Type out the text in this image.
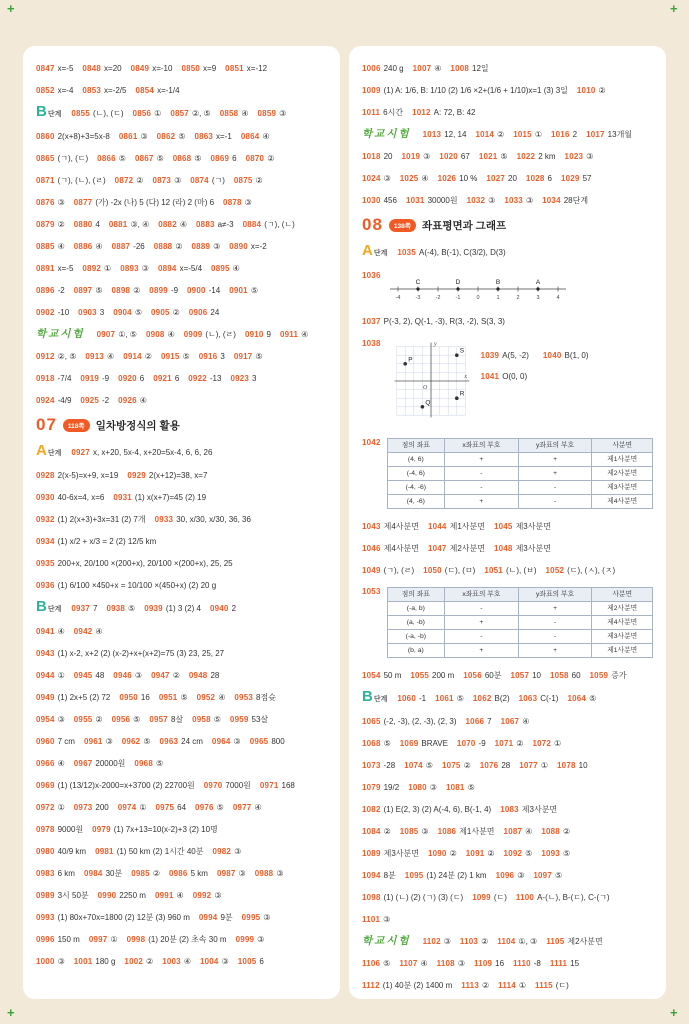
+	+
+	+
0847 x=-5 0848 x=20 0849 x=-10 0850 x=9 0851 x=-12
0852 x=-4 0853 x=-2/5 0854 x=-1/4
B 단계 0855 (ㄴ), (ㄷ) 0856 ① 0857 ②, ⑤ 0858 ④ 0859 ③
0860 2(x+8)+3=5x-8 0861 ③ 0862 ⑤ 0863 x=-1 0864 ④
0865 (ㄱ), (ㄷ) 0866 ⑤ 0867 ⑤ 0868 ⑤ 0869 6 0870 ②
0871 (ㄱ), (ㄴ), (ㄹ) 0872 ② 0873 ③ 0874 (ㄱ) 0875 ②
0876 ③ 0877 (가) -2x (나) 5 (다) 12 (라) 2 (마) 6 0878 ③
0879 ② 0880 4 0881 ③, ④ 0882 ④ 0883 a≠-3 0884 (ㄱ), (ㄴ)
0885 ④ 0886 ④ 0887 -26 0888 ② 0889 ③ 0890 x=-2
0891 x=-5 0892 ① 0893 ③ 0894 x=-5/4 0895 ④
0896 -2 0897 ⑤ 0898 ② 0899 -9 0900 -14 0901 ⑤
0902 -10 0903 3 0904 ⑤ 0905 ② 0906 24
학교시험 0907 ①, ⑤ 0908 ④ 0909 (ㄴ), (ㄹ) 0910 9 0911 ④
0912 ②, ⑤ 0913 ④ 0914 ② 0915 ⑤ 0916 3 0917 ⑤
0918 -7/4 0919 -9 0920 6 0921 6 0922 -13 0923 3
0924 -4/9 0925 -2 0926 ④
07	118쪽	일차방정식의 활용
A 단계 0927 x, x+20, 5x-4, x+20=5x-4, 6, 6, 26
0928 2(x-5)=x+9, x=19 0929 2(x+12)=38, x=7
0930 40-6x=4, x=6 0931 (1) x(x+7)=45 (2) 19
0932 (1) 2(x+3)+3x=31 (2) 7개 0933 30, x/30, x/30, 36, 36
0934 (1) x/2 + x/3 = 2 (2) 12/5 km
0935 200+x, 20/100 ×(200+x), 20/100 ×(200+x), 25, 25
0936 (1) 6/100 ×450+x = 10/100 ×(450+x) (2) 20 g
B 단계 0937 7 0938 ⑤ 0939 (1) 3 (2) 4 0940 2
0941 ④ 0942 ④
0943 (1) x-2, x+2 (2) (x-2)+x+(x+2)=75 (3) 23, 25, 27
0944 ① 0945 48 0946 ③ 0947 ② 0948 28
0949 (1) 2x+5 (2) 72 0950 16 0951 ⑤ 0952 ④ 0953 8점슛
0954 ③ 0955 ② 0956 ⑤ 0957 8살 0958 ⑤ 0959 53살
0960 7 cm 0961 ③ 0962 ⑤ 0963 24 cm 0964 ③ 0965 800
0966 ④ 0967 20000원 0968 ⑤
0969 (1) (13/12)x-2000=x+3700 (2) 22700원 0970 7000원 0971 168
0972 ① 0973 200 0974 ① 0975 64 0976 ⑤ 0977 ④
0978 9000원 0979 (1) 7x+13=10(x-2)+3 (2) 10명
0980 40/9 km 0981 (1) 50 km (2) 1시간 40분 0982 ③
0983 6 km 0984 30분 0985 ② 0986 5 km 0987 ③ 0988 ③
0989 3시 50분 0990 2250 m 0991 ④ 0992 ③
0993 (1) 80x+70x=1800 (2) 12분 (3) 960 m 0994 9분 0995 ③
0996 150 m 0997 ① 0998 (1) 20분 (2) 초속 30 m 0999 ③
1000 ③ 1001 180 g 1002 ② 1003 ④ 1004 ③ 1005 6
1006 240 g 1007 ④ 1008 12일
1009 (1) A: 1/6, B: 1/10 (2) 1/6 ×2+(1/6 + 1/10)x=1 (3) 3일 1010 ②
1011 6시간 1012 A: 72, B: 42
학교시험 1013 12, 14 1014 ② 1015 ① 1016 2 1017 13개월
1018 20 1019 ③ 1020 67 1021 ⑤ 1022 2 km 1023 ③
1024 ③ 1025 ④ 1026 10 % 1027 20 1028 6 1029 57
1030 456 1031 30000원 1032 ③ 1033 ③ 1034 28단계
08	138쪽	좌표평면과 그래프
A 단계 1035 A(-4), B(-1), C(3/2), D(3)
1036
-4	-3	-2	-1	0	1	2	3	4
C	D	B	A
1037 P(-3, 2), Q(-1, -3), R(3, -2), S(3, 3)
1038
O
y
x
P
S
R
Q
1039 A(5, -2) 1040 B(1, 0)
1041 O(0, 0)
1042	점의 좌표	x좌표의 부호	y좌표의 부호	사분면
(4, 6)	+	+	제1사분면
(-4, 6)	-	+	제2사분면
(-4, -6)	-	-	제3사분면
(4, -6)	+	-	제4사분면
1043 제4사분면 1044 제1사분면 1045 제3사분면
1046 제4사분면 1047 제2사분면 1048 제3사분면
1049 (ㄱ), (ㄹ) 1050 (ㄷ), (ㅁ) 1051 (ㄴ), (ㅂ) 1052 (ㄷ), (ㅅ), (ㅈ)
1053	점의 좌표	x좌표의 부호	y좌표의 부호	사분면
(-a, b)	-	+	제2사분면
(a, -b)	+	-	제4사분면
(-a, -b)	-	-	제3사분면
(b, a)	+	+	제1사분면
1054 50 m 1055 200 m 1056 60분 1057 10 1058 60 1059 증가
B 단계 1060 -1 1061 ⑤ 1062 B(2) 1063 C(-1) 1064 ⑤
1065 (-2, -3), (2, -3), (2, 3) 1066 7 1067 ④
1068 ⑤ 1069 BRAVE 1070 -9 1071 ② 1072 ①
1073 -28 1074 ⑤ 1075 ② 1076 28 1077 ① 1078 10
1079 19/2 1080 ③ 1081 ⑤
1082 (1) E(2, 3) (2) A(-4, 6), B(-1, 4) 1083 제3사분면
1084 ② 1085 ③ 1086 제1사분면 1087 ④ 1088 ②
1089 제3사분면 1090 ② 1091 ② 1092 ⑤ 1093 ⑤
1094 8분 1095 (1) 24분 (2) 1 km 1096 ③ 1097 ⑤
1098 (1) (ㄴ) (2) (ㄱ) (3) (ㄷ) 1099 (ㄷ) 1100 A-(ㄴ), B-(ㄷ), C-(ㄱ)
1101 ③
학교시험 1102 ③ 1103 ② 1104 ①, ③ 1105 제2사분면
1106 ⑤ 1107 ④ 1108 ③ 1109 16 1110 -8 1111 15
1112 (1) 40분 (2) 1400 m 1113 ② 1114 ① 1115 (ㄷ)
